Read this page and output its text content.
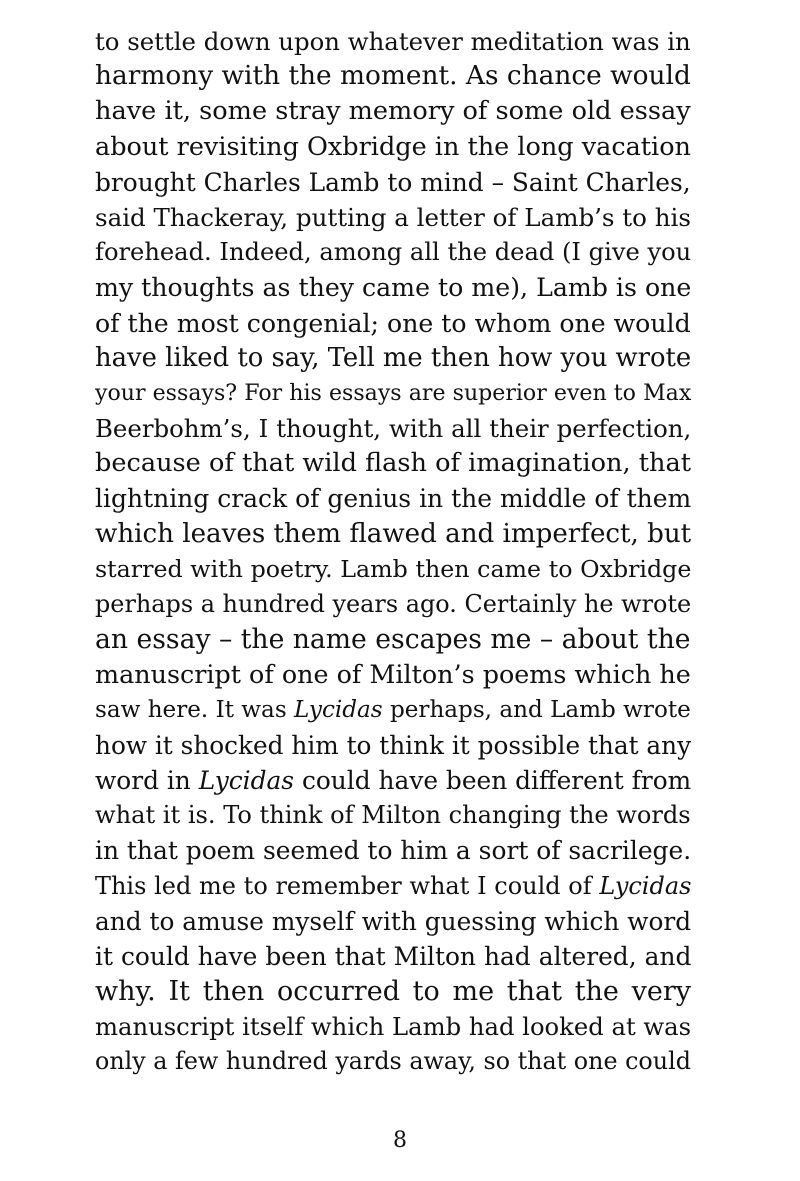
to settle down upon whatever meditation was in
harmony with the moment. As chance would
have it, some stray memory of some old essay
about revisiting Oxbridge in the long vacation
brought Charles Lamb to mind – Saint Charles,
said Thackeray, putting a letter of Lamb’s to his
forehead. Indeed, among all the dead (I give you
my thoughts as they came to me), Lamb is one
of the most congenial; one to whom one would
have liked to say, Tell me then how you wrote
your essays? For his essays are superior even to Max
Beerbohm’s, I thought, with all their perfection,
because of that wild flash of imagination, that
lightning crack of genius in the middle of them
which leaves them flawed and imperfect, but
starred with poetry. Lamb then came to Oxbridge
perhaps a hundred years ago. Certainly he wrote
an essay – the name escapes me – about the
manuscript of one of Milton’s poems which he
saw here. It was Lycidas perhaps, and Lamb wrote
how it shocked him to think it possible that any
word in Lycidas could have been different from
what it is. To think of Milton changing the words
in that poem seemed to him a sort of sacrilege.
This led me to remember what I could of Lycidas
and to amuse myself with guessing which word
it could have been that Milton had altered, and
why. It then occurred to me that the very
manuscript itself which Lamb had looked at was
only a few hundred yards away, so that one could
8
